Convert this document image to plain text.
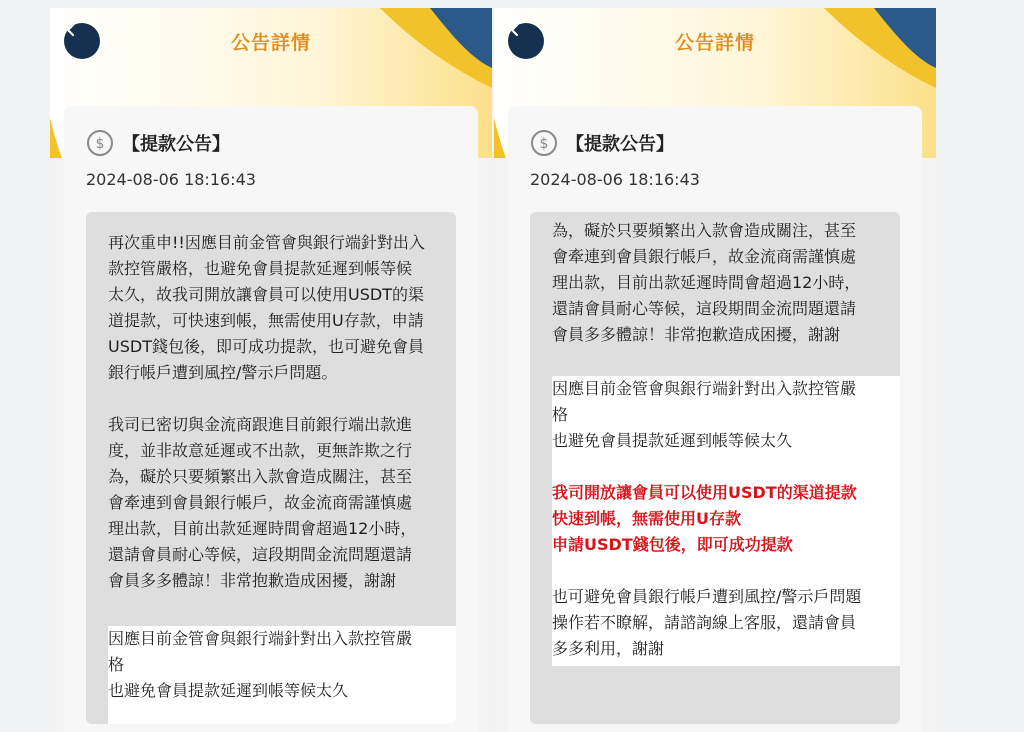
公告詳情
$ 【提款公告】
2024-08-06 18:16:43

再次重申!!因應目前金管會與銀行端針對出入
款控管嚴格，也避免會員提款延遲到帳等候
太久，故我司開放讓會員可以使用USDT的渠
道提款，可快速到帳，無需使用U存款，申請
USDT錢包後，即可成功提款，也可避免會員
銀行帳戶遭到風控/警示戶問題。

我司已密切與金流商跟進目前銀行端出款進
度，並非故意延遲或不出款，更無詐欺之行
為，礙於只要頻繁出入款會造成關注，甚至
會牽連到會員銀行帳戶，故金流商需謹慎處
理出款，目前出款延遲時間會超過12小時，
還請會員耐心等候，這段期間金流問題還請
會員多多體諒！非常抱歉造成困擾，謝謝

因應目前金管會與銀行端針對出入款控管嚴
格
也避免會員提款延遲到帳等候太久
公告詳情
$ 【提款公告】
2024-08-06 18:16:43

為，礙於只要頻繁出入款會造成關注，甚至
會牽連到會員銀行帳戶，故金流商需謹慎處
理出款，目前出款延遲時間會超過12小時，
還請會員耐心等候，這段期間金流問題還請
會員多多體諒！非常抱歉造成困擾，謝謝

因應目前金管會與銀行端針對出入款控管嚴
格
也避免會員提款延遲到帳等候太久

我司開放讓會員可以使用USDT的渠道提款
快速到帳，無需使用U存款
申請USDT錢包後，即可成功提款

也可避免會員銀行帳戶遭到風控/警示戶問題
操作若不瞭解，請諮詢線上客服，還請會員
多多利用，謝謝
